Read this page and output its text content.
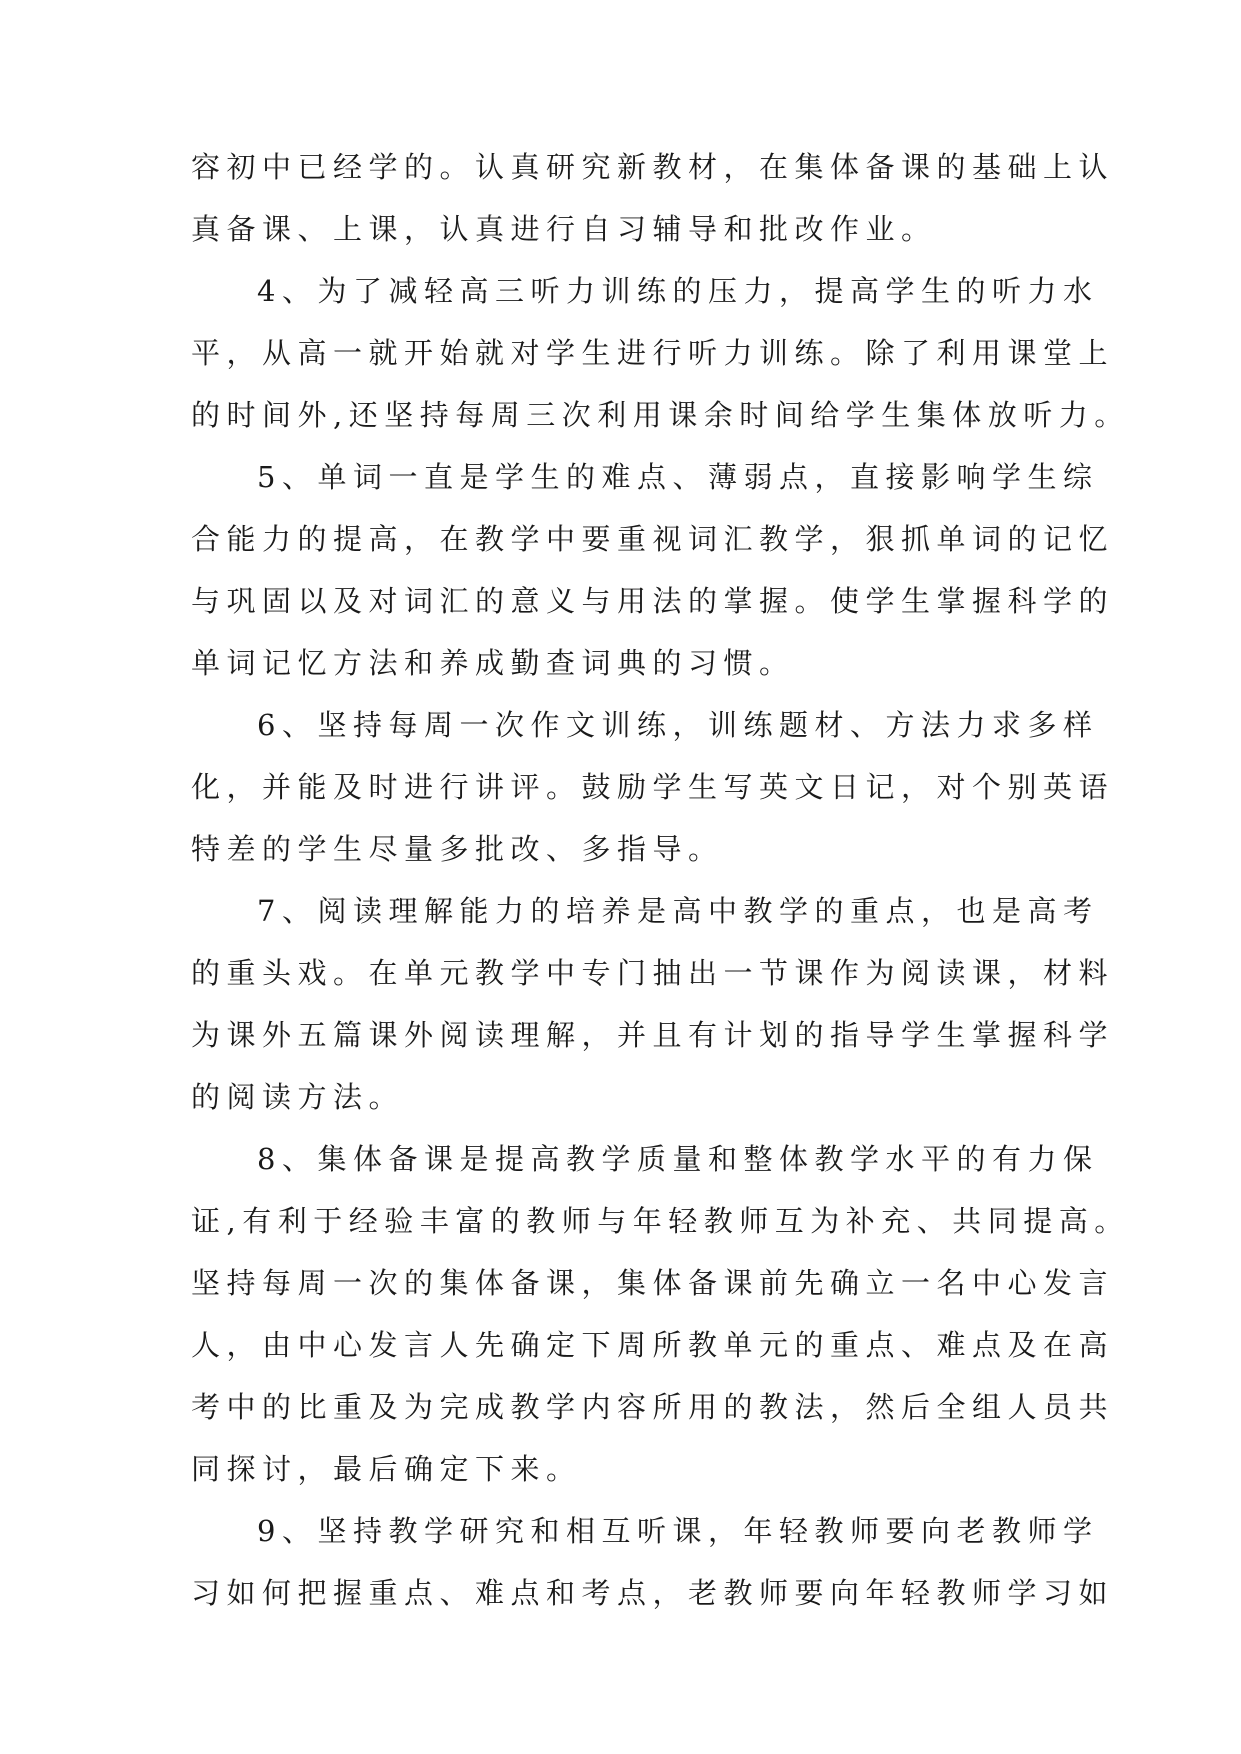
容初中已经学的。认真研究新教材，在集体备课的基础上认
真备课、上课，认真进行自习辅导和批改作业。
4、为了减轻高三听力训练的压力，提高学生的听力水
平，从高一就开始就对学生进行听力训练。除了利用课堂上
的时间外,还坚持每周三次利用课余时间给学生集体放听力。
5、单词一直是学生的难点、薄弱点，直接影响学生综
合能力的提高，在教学中要重视词汇教学，狠抓单词的记忆
与巩固以及对词汇的意义与用法的掌握。使学生掌握科学的
单词记忆方法和养成勤查词典的习惯。
6、坚持每周一次作文训练，训练题材、方法力求多样
化，并能及时进行讲评。鼓励学生写英文日记，对个别英语
特差的学生尽量多批改、多指导。
7、阅读理解能力的培养是高中教学的重点，也是高考
的重头戏。在单元教学中专门抽出一节课作为阅读课，材料
为课外五篇课外阅读理解，并且有计划的指导学生掌握科学
的阅读方法。
8、集体备课是提高教学质量和整体教学水平的有力保
证,有利于经验丰富的教师与年轻教师互为补充、共同提高。
坚持每周一次的集体备课，集体备课前先确立一名中心发言
人，由中心发言人先确定下周所教单元的重点、难点及在高
考中的比重及为完成教学内容所用的教法，然后全组人员共
同探讨，最后确定下来。
9、坚持教学研究和相互听课，年轻教师要向老教师学
习如何把握重点、难点和考点，老教师要向年轻教师学习如
